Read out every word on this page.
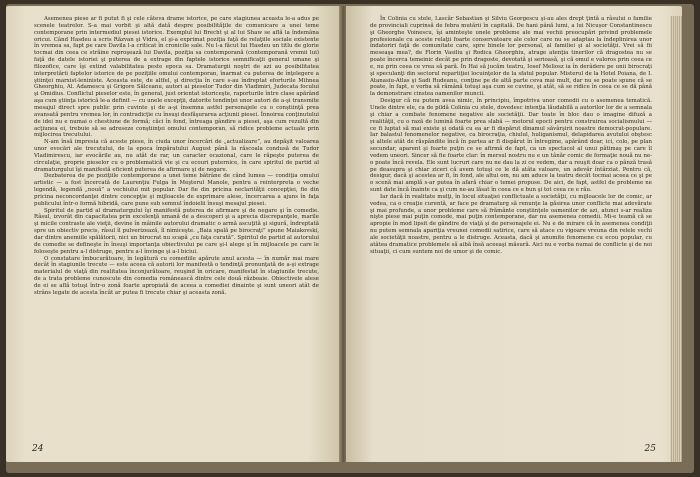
Asemenea piese ar fi putut fi şi cele câteva drame istorice, pe care stagiunea aceasta le-a adus pe scenele teatrelor. S-a mai vorbit şi altă dată despre posibilităţile de comunicare a unei teme contemporane prin intermediul piesei istorice. Exemplul lui Brecht şi al lui Shaw se află la îndemâna oricui. Când Hasdeu a scris Răzvan şi Vidra, el şi-a exprimat poziţia faţă de relaţiile sociale existente în vremea sa, fapt pe care Davila l-a criticat în cronicile sale. Nu l-a făcut lui Hasdeu un titlu de glorie tocmai din ceea ce străine reproşează lui Davila, poziţia sa contemporană (contemporană vremii lui) faţă de datele istoriei şi puterea de a extrage din faptele istorice semnificaţii general umane şi filozofice, care îşi extind valabilitatea peste epoca sa. Dramaturgii noştri de azi au posibilitatea interpretării faptelor istorice de pe poziţiile omului contemporan, înarmat cu puterea de înţelegere a ştiinţei marxist-leniniste. Aceasta este, de altfel, şi direcţia în care s-au îndreptat eforturile Mihnea Gheorghiu, Al. Adamescu şi Grigore Sălceanu, autori ai pieselor Tudor din Vladimiri, Judecata focului şi Omidius. Conflictul pieselor este, în general, just orientat istoriceşte, raporturile între clase apărând aşa cum ştiinţa istorică le-a definit — cu unele excepţii, datorite tendinţei unor autori de a-şi transmite mesajul direct spre public prin cuvinte şi de a-şi însemna astfel personajele cu o conştiinţă prea avansată pentru vremea lor, în contradicţie cu însuşi desfăşurarea acţiunii piesei. Înnoirea conţinutului de idei nu e numai o chestiune de formă; căci în fond, întreaga gândire a piesei, aşa cum rezultă din acţiunea ei, trebuie să se adreseze conştiinţei omului contemporan, să ridice probleme actuale prin mijlocirea trecutului.

N-am însă impresia că aceste piese, în ciuda unor încercări de „actualizare”, au depăşit valoarea unor evocări ale trecutului, de la epoca împăratului August până la răscoala condusă de Tudor Vladimirescu, iar evocările au, nu atât de rar, un caracter ocazional, care le răpeşte puterea de circulaţie, proprie pieselor cu o problematică vie şi cu ecouri puternice, în care spiritul de partid al dramaturgului îşi manifestă eficient puterea de afirmare şi de negare.

Dezbaterea de pe poziţiile contemporane a unei teme bătrâne de când lumea — condiţia omului artistic — a fost încercată de Laurenţiu Fulga în Meşterul Manole, pentru a reinterpreta o veche legendă, legendă „nouă” a vechiului mit popular. Dar fie din pricina neclarităţii concepţiei, fie din pricina neconcordanţei dintre concepţie şi mijloacele de exprimare alese, încercarea a ajuns în faţa publicului într-o formă hibridă, care pune sub semnul îndoielii însuşi mesajul piesei.

Spiritul de partid al dramaturgului îşi manifestă puterea de afirmare şi de negare şi în comedie. Râsul, izvorât din capacitatea prin excelenţă umană de a descoperi şi a aprecia discrepanţele, marile şi micile contraste ale vieţii, devine în mâinile autorului dramatic o armă ascuţită şi sigură, îndreptată spre un obiectiv precis, râsul îl pulverizează, îl nimiceşte. „Baia spală pe birocraţi” spune Maiakovski, dar dintre anemiile spălătorii, nici un birocrat nu scapă „cu faţa curată”. Spiritul de partid al autorului de comedie se defineşte în însuşi importanţa obiectivului pe care şi-l alege şi în mijloacele pe care le foloseşte pentru a-l distruge, pentru a-l învinge şi a-l biciui.

O constatare îmbucurătoare, în legătură cu comediile apărute anul acesta — în număr mai mare decât în stagiunile trecute — este aceea că autorii lor manifestă o tendinţă pronunţată de a-şi extrage materialul de viaţă din realitatea înconjurătoare, reuşind în oricare, manifestat în stagiunile trecute, de a trata probleme cunoscute din comedia românească dintre cele două războaie. Obiectivele alese de ei se află totuşi într-o zonă foarte apropiată de aceea a comediei dinainte şi sunt uneori atât de strâns legate de acesta încât ar putea fi trecute chiar şi aceasta zonă.

24

În Colinia cu stele, Lascăr Sebastian şi Silviu Georgescu şi-au ales drept ţintă a râsului o familie de provinciali cuprinsă de febra mutării în capitală. De hani până lumi, a lui Nicușor Constantinescu şi Gheorghe Voinescu, îşi aminteşte unele probleme ale mai vechii preocupări privind problemele profesionale cu aceste relaţii foarte conservatoare ale celor care nu se adaptau la îndeplinirea unor îndatoriri faţă de comunitate care, spre binele lor personal, al familiei şi al societăţii. Vrei să fii meseaşa mea?, de Florin Vasiliu şi Rodica Gheorghiu, atrage atenţia tinerilor că dragostea nu se poate încerca temeinic decât pe prin dragoste, devotată şi serioasă, şi că omul e valoros prin ceea ce e, nu prin ceea ce vrea să pară. În Hai să jucăm teatru, Iosef Meliosz ia în derâdere pe unii birocraţi şi speculanţi din sectorul repartiţiei locuinţelor de la sfatul popular. Misterul de la Hotel Poiana, de I. Atanasiu-Atlas şi Sadi Rudeanu, conţine pe de altă parte ceva mai mult, dar nu se poate spune că se poate, în fapt, e vorba să rămână totuşi aşa cum se cuvine, şi atât, să se ridice în ceea ce se dă până la demonstrare cinstea oamenilor muncii.

Desigur că nu putem avea nimic, în principiu, împotriva unor comedii cu o asemenea tematică. Unele dintre ele, ca de pildă Colinia cu stele, dovedesc intenţia lăudabilă a autorilor lor de a semnala şi chiar a combate fenomene negative ale societăţii. Dar toate în bloc dau o imagine difuză a realităţii, cu o rază de lumină foarte prea slabă — motorul epocii pentru construirea socialismului — ce fi luptat să mai existe şi odată cu ea ar fi dispărut dinamul săvârşirii noastre democrat-populare. Iar balastul fenomenelor negative, ca birocraţia, chiulul, huliganismul, delapidarea avutului obştesc şi altele atât de răspândite încă în partea ar fi dispărut în întregime, apărând doar, ici, colo, pe plan secundar, aparent şi foarte puţin ce se afirmă de fapt, ca un spectacol al unui pătimaş pe care îl vedem uneori. Sincer să fie foarte clar: în mersul nostru nu e un tânăr comic de formaţie nouă nu ne-o poate încă revela. Ele sunt lucruri care nu ne dau la zi ce vedem, dar a reuşit doar ca o pânză trasă pe deasupra şi chiar ziceri că avem totuşi ce le dă atâta valoare, un adevăr întârziat. Pentru că, desigur, dacă şi acestea ar fi, în fond, ale altui om, nu am aduce la teatru decât tocmai aceea ce şi pe o scenă mai amplă s-ar putea în afară chiar o temei propuse. De aici, de fapt, astfel de probleme ne sunt date încă înainte ca şi cum ne-au lăsat în ceea ce e bun şi tot ceea ce e rău.

Iar dacă în realitate mulţi, în locul situaţiei conflictuale a societăţii, cu mijloacele lor de comic, ar vedea, ca o creaţie curentă, ar face pe dramaturg să renunţe la găsirea unor conflicte mai adevărate şi mai profunde, a unor probleme care să frământe conştiinţele oamenilor de azi, atunci s-ar realiza nişte piese mai puţin comode, mai puţin contemporane, dar nu asemenea comedii. Mi-e teamă că se apropie în mod lipsit de gândire de viaţă şi de personajele ei. Nu e de mirare că în asemenea condiţii nu putem semnala apariţia vreunei comedii satirice, care să atace cu vigoare vreuna din relele vechi ale societăţii noastre, pentru a le distruge. Aceasta, dacă şi anumite fenomene cu ecou popular, cu atâtea dramatice problemele să aibă însă aceeaşi măsură. Aici nu e vorba numai de conflicte şi de noi situaţii, ci cum suntem noi de umor şi de comic.

25
